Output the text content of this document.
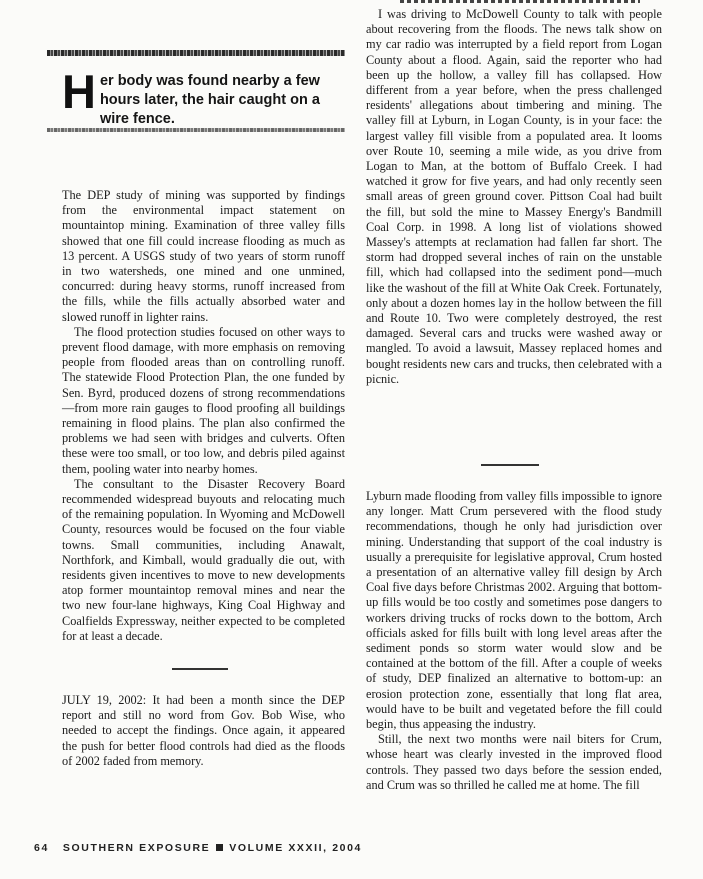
H er body was found nearby a few hours later, the hair caught on a wire fence.

The DEP study of mining was supported by findings from the environmental impact statement on mountaintop mining. Examination of three valley fills showed that one fill could increase flooding as much as 13 percent. A USGS study of two years of storm runoff in two watersheds, one mined and one unmined, concurred: during heavy storms, runoff increased from the fills, while the fills actually absorbed water and slowed runoff in lighter rains.

The flood protection studies focused on other ways to prevent flood damage, with more emphasis on removing people from flooded areas than on controlling runoff. The statewide Flood Protection Plan, the one funded by Sen. Byrd, produced dozens of strong recommendations—from more rain gauges to flood proofing all buildings remaining in flood plains. The plan also confirmed the problems we had seen with bridges and culverts. Often these were too small, or too low, and debris piled against them, pooling water into nearby homes.

The consultant to the Disaster Recovery Board recommended widespread buyouts and relocating much of the remaining population. In Wyoming and McDowell County, resources would be focused on the four viable towns. Small communities, including Anawalt, Northfork, and Kimball, would gradually die out, with residents given incentives to move to new developments atop former mountaintop removal mines and near the two new four-lane highways, King Coal Highway and Coalfields Expressway, neither expected to be completed for at least a decade.

JULY 19, 2002: It had been a month since the DEP report and still no word from Gov. Bob Wise, who needed to accept the findings. Once again, it appeared the push for better flood controls had died as the floods of 2002 faded from memory.

I was driving to McDowell County to talk with people about recovering from the floods. The news talk show on my car radio was interrupted by a field report from Logan County about a flood. Again, said the reporter who had been up the hollow, a valley fill has collapsed. How different from a year before, when the press challenged residents' allegations about timbering and mining. The valley fill at Lyburn, in Logan County, is in your face: the largest valley fill visible from a populated area. It looms over Route 10, seeming a mile wide, as you drive from Logan to Man, at the bottom of Buffalo Creek. I had watched it grow for five years, and had only recently seen small areas of green ground cover. Pittson Coal had built the fill, but sold the mine to Massey Energy's Bandmill Coal Corp. in 1998. A long list of violations showed Massey's attempts at reclamation had fallen far short. The storm had dropped several inches of rain on the unstable fill, which had collapsed into the sediment pond—much like the washout of the fill at White Oak Creek. Fortunately, only about a dozen homes lay in the hollow between the fill and Route 10. Two were completely destroyed, the rest damaged. Several cars and trucks were washed away or mangled. To avoid a lawsuit, Massey replaced homes and bought residents new cars and trucks, then celebrated with a picnic.

Lyburn made flooding from valley fills impossible to ignore any longer. Matt Crum persevered with the flood study recommendations, though he only had jurisdiction over mining. Understanding that support of the coal industry is usually a prerequisite for legislative approval, Crum hosted a presentation of an alternative valley fill design by Arch Coal five days before Christmas 2002. Arguing that bottom-up fills would be too costly and sometimes pose dangers to workers driving trucks of rocks down to the bottom, Arch officials asked for fills built with long level areas after the sediment ponds so storm water would slow and be contained at the bottom of the fill. After a couple of weeks of study, DEP finalized an alternative to bottom-up: an erosion protection zone, essentially that long flat area, would have to be built and vegetated before the fill could begin, thus appeasing the industry.

Still, the next two months were nail biters for Crum, whose heart was clearly invested in the improved flood controls. They passed two days before the session ended, and Crum was so thrilled he called me at home. The fill

64 SOUTHERN EXPOSURE VOLUME XXXII, 2004
